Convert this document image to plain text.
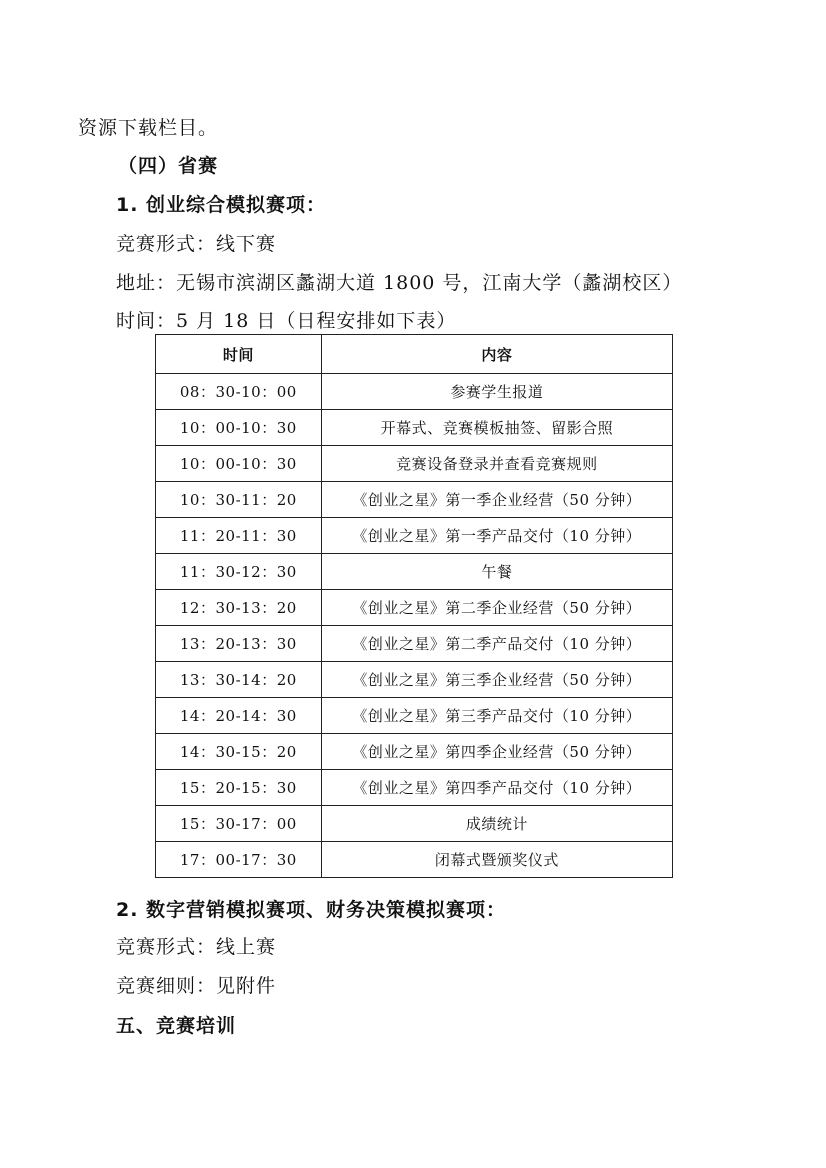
资源下载栏目。
（四）省赛
1. 创业综合模拟赛项：
竞赛形式：线下赛
地址：无锡市滨湖区蠡湖大道 1800 号，江南大学（蠡湖校区）
时间：5 月 18 日（日程安排如下表）
时间	内容
08：30-10：00	参赛学生报道
10：00-10：30	开幕式、竞赛模板抽签、留影合照
10：00-10：30	竞赛设备登录并查看竞赛规则
10：30-11：20	《创业之星》第一季企业经营（50 分钟）
11：20-11：30	《创业之星》第一季产品交付（10 分钟）
11：30-12：30	午餐
12：30-13：20	《创业之星》第二季企业经营（50 分钟）
13：20-13：30	《创业之星》第二季产品交付（10 分钟）
13：30-14：20	《创业之星》第三季企业经营（50 分钟）
14：20-14：30	《创业之星》第三季产品交付（10 分钟）
14：30-15：20	《创业之星》第四季企业经营（50 分钟）
15：20-15：30	《创业之星》第四季产品交付（10 分钟）
15：30-17：00	成绩统计
17：00-17：30	闭幕式暨颁奖仪式
2. 数字营销模拟赛项、财务决策模拟赛项：
竞赛形式：线上赛
竞赛细则：见附件
五、竞赛培训
